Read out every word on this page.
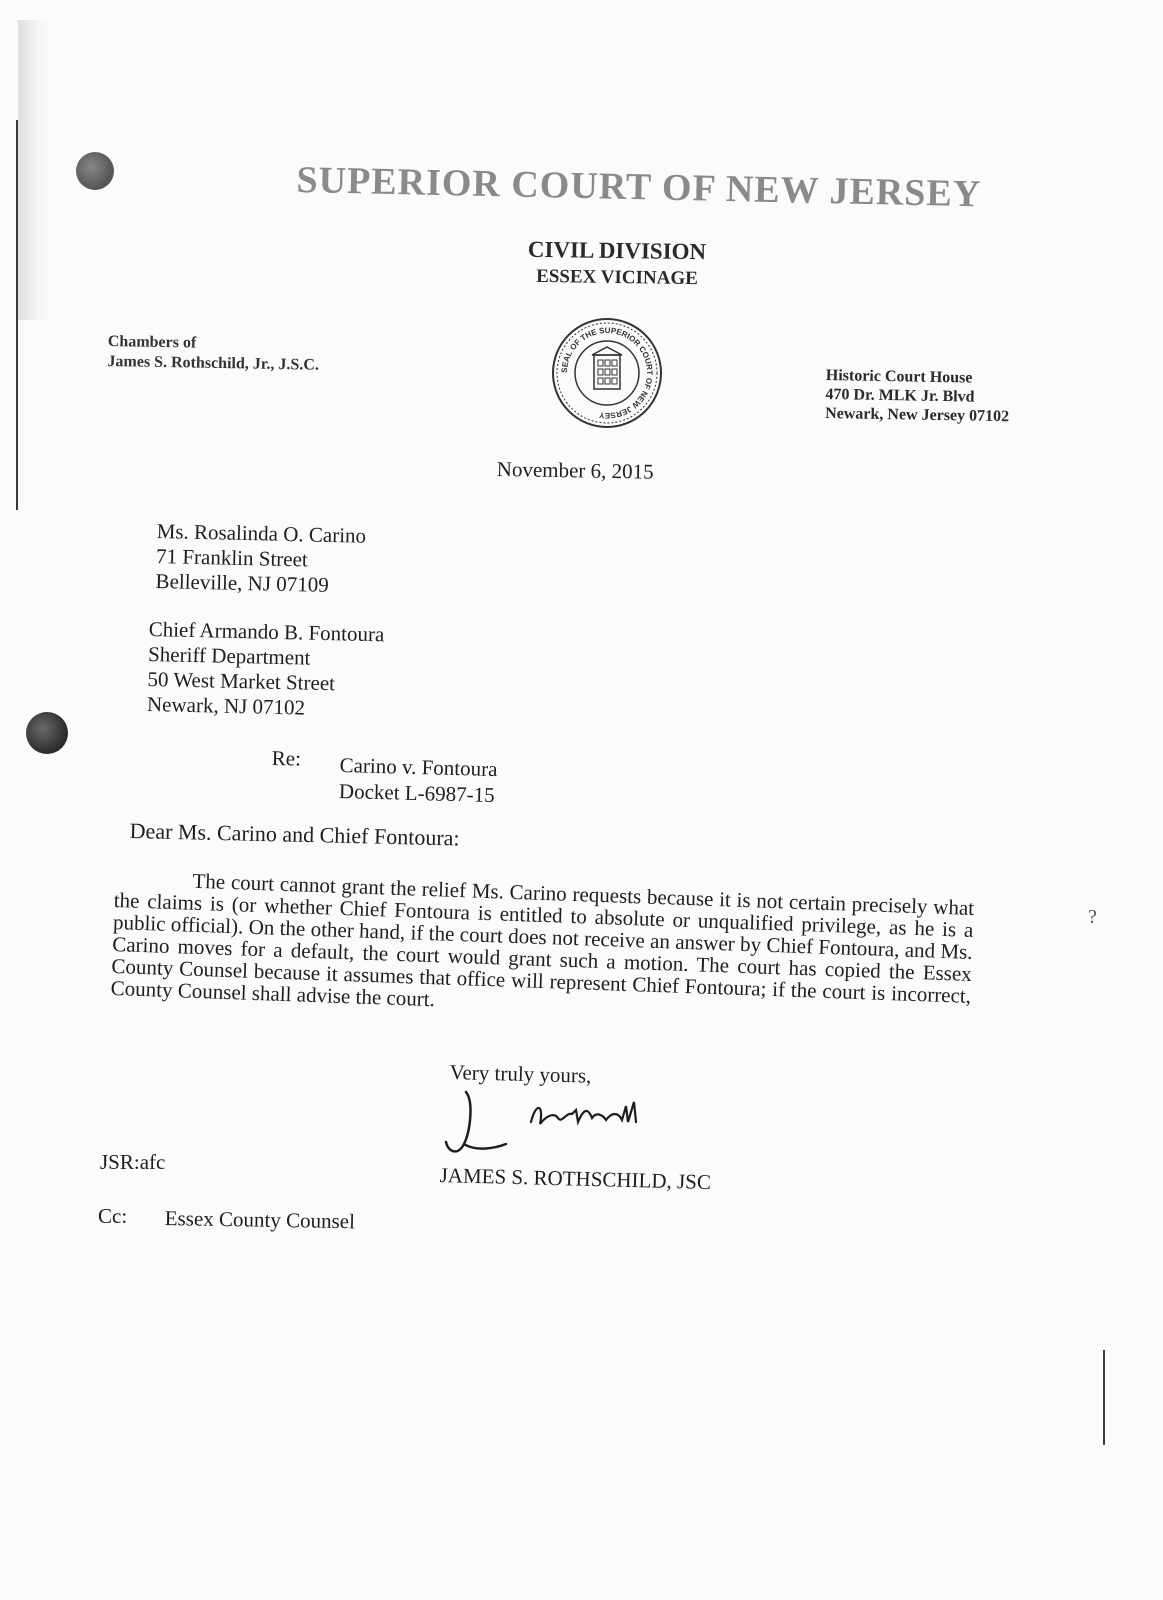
SUPERIOR COURT OF NEW JERSEY
CIVIL DIVISION
ESSEX VICINAGE
Chambers of
James S. Rothschild, Jr., J.S.C.	SEAL OF THE SUPERIOR COURT OF NEW JERSEY
Historic Court House
470 Dr. MLK Jr. Blvd
Newark, New Jersey 07102
November 6, 2015
Ms. Rosalinda O. Carino
71 Franklin Street
Belleville, NJ 07109
Chief Armando B. Fontoura
Sheriff Department
50 West Market Street
Newark, NJ 07102
Re: Carino v. Fontoura
Docket L-6987-15
Dear Ms. Carino and Chief Fontoura:
The court cannot grant the relief Ms. Carino requests because it is not certain precisely what the claims is (or whether Chief Fontoura is entitled to absolute or unqualified privilege, as he is a public official). On the other hand, if the court does not receive an answer by Chief Fontoura, and Ms. Carino moves for a default, the court would grant such a motion. The court has copied the Essex County Counsel because it assumes that office will represent Chief Fontoura; if the court is incorrect, County Counsel shall advise the court.
Very truly yours,
JAMES S. ROTHSCHILD, JSC
JSR:afc
Cc: Essex County Counsel
?
